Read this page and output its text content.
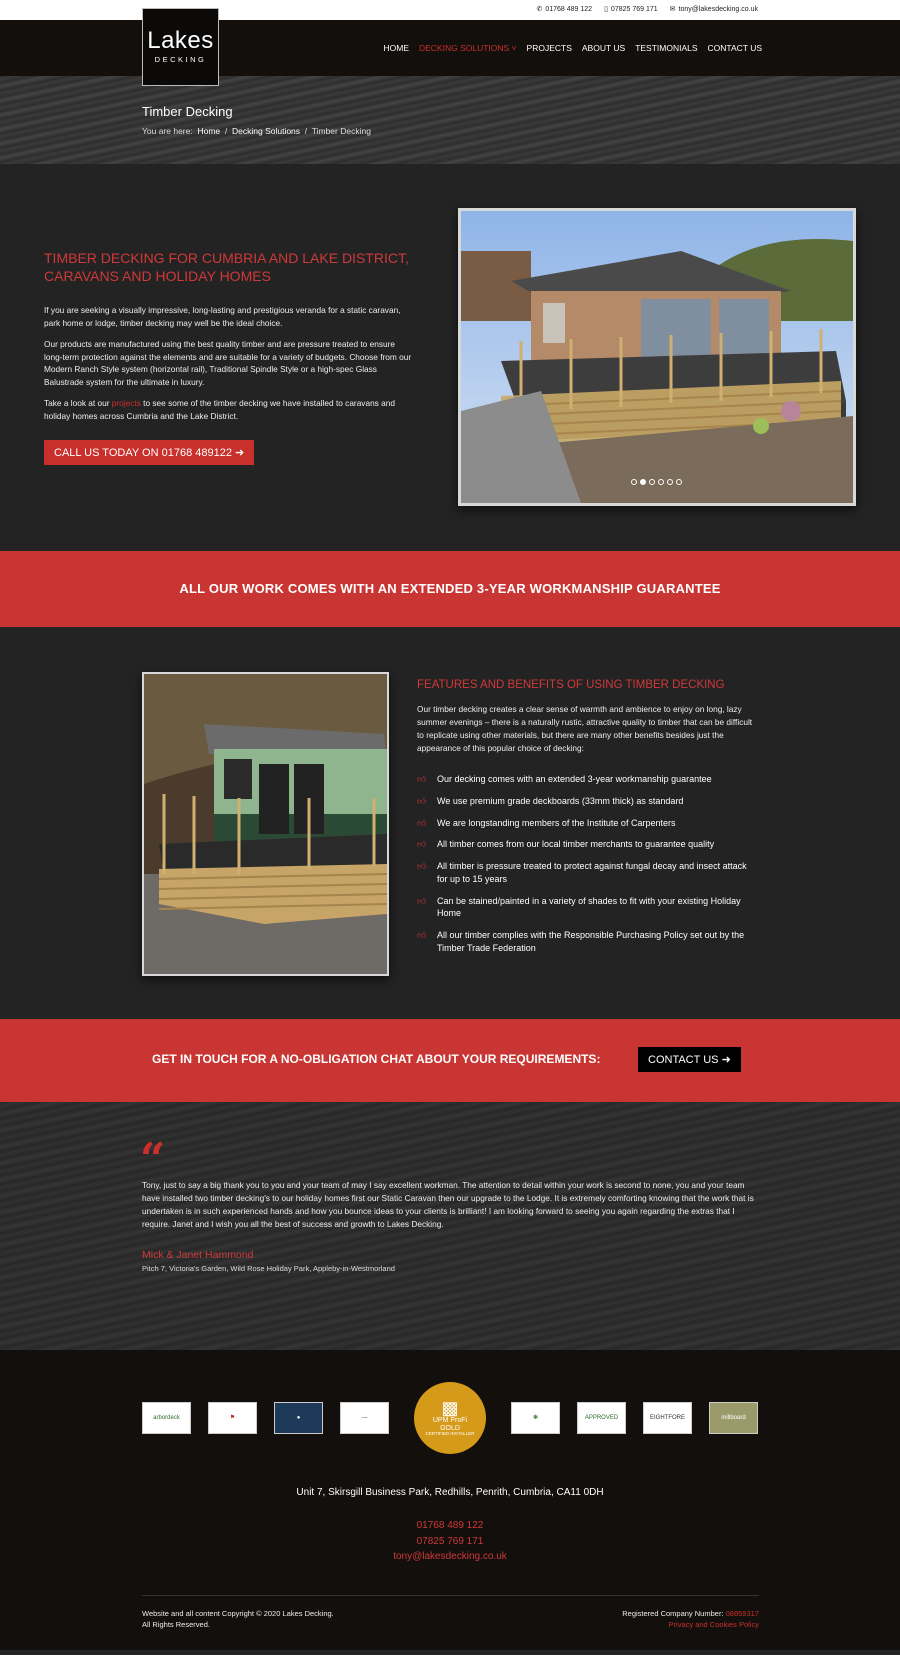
✆ 01768 489 122 ▯ 07825 769 171 ✉ tony@lakesdecking.co.uk
Lakes
DECKING
HOME DECKING SOLUTIONS ˅ PROJECTS ABOUT US TESTIMONIALS CONTACT US
Timber Decking
You are here: Home / Decking Solutions / Timber Decking
TIMBER DECKING FOR CUMBRIA AND LAKE DISTRICT, CARAVANS AND HOLIDAY HOMES

If you are seeking a visually impressive, long-lasting and prestigious veranda for a static caravan, park home or lodge, timber decking may well be the ideal choice.

Our products are manufactured using the best quality timber and are pressure treated to ensure long-term protection against the elements and are suitable for a variety of budgets. Choose from our Modern Ranch Style system (horizontal rail), Traditional Spindle Style or a high-spec Glass Balustrade system for the ultimate in luxury.

Take a look at our projects to see some of the timber decking we have installed to caravans and holiday homes across Cumbria and the Lake District.

CALL US TODAY ON 01768 489122 ➜
ALL OUR WORK COMES WITH AN EXTENDED 3-YEAR WORKMANSHIP GUARANTEE
FEATURES AND BENEFITS OF USING TIMBER DECKING

Our timber decking creates a clear sense of warmth and ambience to enjoy on long, lazy summer evenings – there is a naturally rustic, attractive quality to timber that can be difficult to replicate using other materials, but there are many other benefits besides just the appearance of this popular choice of decking:

👍︎ Our decking comes with an extended 3-year workmanship guarantee
👍︎ We use premium grade deckboards (33mm thick) as standard
👍︎ We are longstanding members of the Institute of Carpenters
👍︎ All timber comes from our local timber merchants to guarantee quality
👍︎ All timber is pressure treated to protect against fungal decay and insect attack for up to 15 years
👍︎ Can be stained/painted in a variety of shades to fit with your existing Holiday Home
👍︎ All our timber complies with the Responsible Purchasing Policy set out by the Timber Trade Federation
GET IN TOUCH FOR A NO-OBLIGATION CHAT ABOUT YOUR REQUIREMENTS:	CONTACT US ➜
“

Tony, just to say a big thank you to you and your team of may I say excellent workman. The attention to detail within your work is second to none, you and your team have installed two timber decking's to our holiday homes first our Static Caravan then our upgrade to the Lodge. It is extremely comforting knowing that the work that is undertaken is in such experienced hands and how you bounce ideas to your clients is brilliant! I am looking forward to seeing you again regarding the extras that I require. Janet and I wish you all the best of success and growth to Lakes Decking.

Mick & Janet Hammond
Pitch 7, Victoria's Garden, Wild Rose Holiday Park, Appleby-in-Westmorland
arbordeck	⚑	●	—	▩
UPM ProFi
GOLD
CERTIFIED INSTALLER
❃	APPROVED	EIGHTFORE	millboard
Unit 7, Skirsgill Business Park, Redhills, Penrith, Cumbria, CA11 0DH
01768 489 122
07825 769 171
tony@lakesdecking.co.uk
Website and all content Copyright © 2020 Lakes Decking.
All Rights Reserved.
Registered Company Number: 08859317
Privacy and Cookies Policy
